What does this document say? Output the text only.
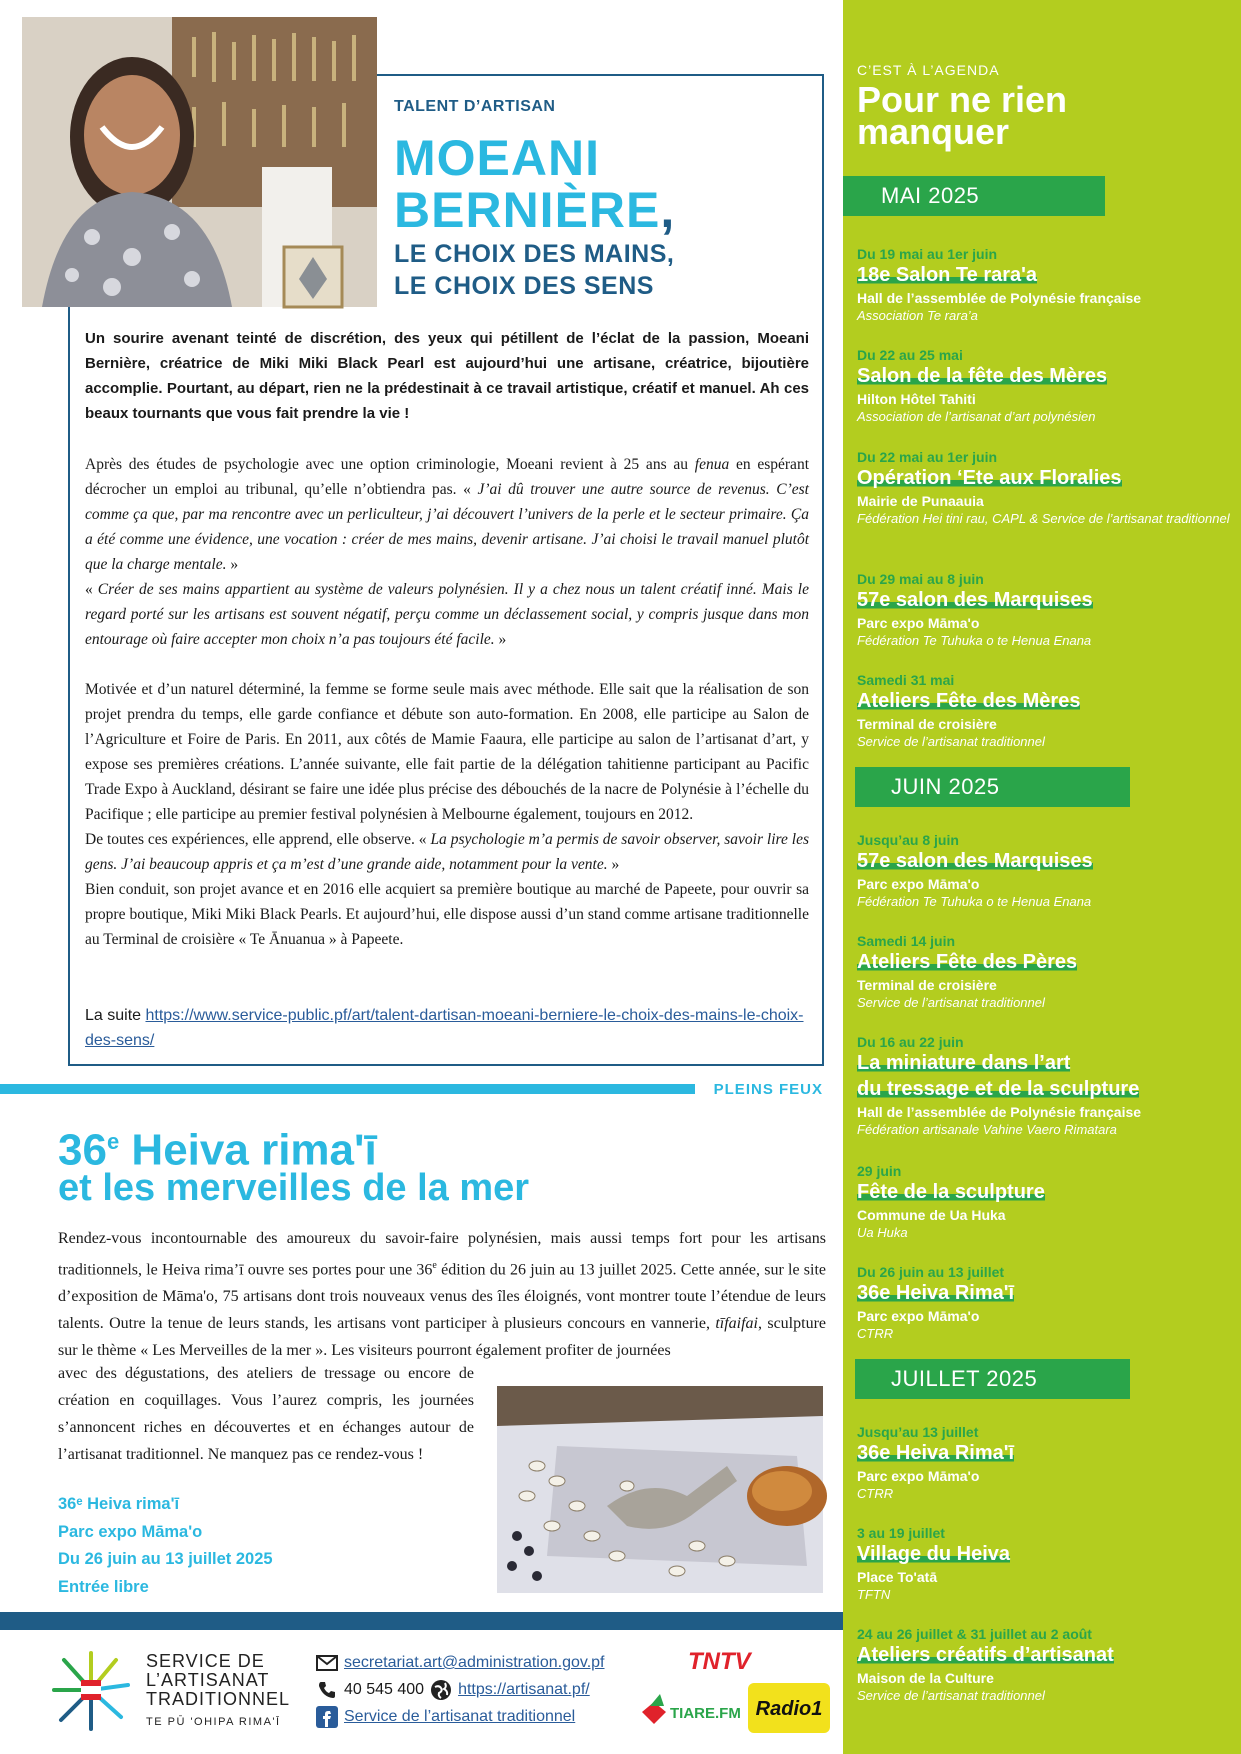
TALENT D’ARTISAN
MOEANI
BERNIÈRE,
LE CHOIX DES MAINS,
LE CHOIX DES SENS
Un sourire avenant teinté de discrétion, des yeux qui pétillent de l’éclat de la passion, Moeani Bernière, créatrice de Miki Miki Black Pearl est aujourd’hui une artisane, créatrice, bijoutière accomplie. Pourtant, au départ, rien ne la prédestinait à ce travail artistique, créatif et manuel. Ah ces beaux tournants que vous fait prendre la vie !

Après des études de psychologie avec une option criminologie, Moeani revient à 25 ans au fenua en espérant décrocher un emploi au tribunal, qu’elle n’obtiendra pas. « J’ai dû trouver une autre source de revenus. C’est comme ça que, par ma rencontre avec un perliculteur, j’ai découvert l’univers de la perle et le secteur primaire. Ça a été comme une évidence, une vocation : créer de mes mains, devenir artisane. J’ai choisi le travail manuel plutôt que la charge mentale. »

« Créer de ses mains appartient au système de valeurs polynésien. Il y a chez nous un talent créatif inné. Mais le regard porté sur les artisans est souvent négatif, perçu comme un déclassement social, y compris jusque dans mon entourage où faire accepter mon choix n’a pas toujours été facile. »

Motivée et d’un naturel déterminé, la femme se forme seule mais avec méthode. Elle sait que la réalisation de son projet prendra du temps, elle garde confiance et débute son auto-formation. En 2008, elle participe au Salon de l’Agriculture et Foire de Paris. En 2011, aux côtés de Mamie Faaura, elle participe au salon de l’artisanat d’art, y expose ses premières créations. L’année suivante, elle fait partie de la délégation tahitienne participant au Pacific Trade Expo à Auckland, désirant se faire une idée plus précise des débouchés de la nacre de Polynésie à l’échelle du Pacifique ; elle participe au premier festival polynésien à Melbourne également, toujours en 2012.

De toutes ces expériences, elle apprend, elle observe. « La psychologie m’a permis de savoir observer, savoir lire les gens. J’ai beaucoup appris et ça m’est d’une grande aide, notamment pour la vente. »

Bien conduit, son projet avance et en 2016 elle acquiert sa première boutique au marché de Papeete, pour ouvrir sa propre boutique, Miki Miki Black Pearls. Et aujourd’hui, elle dispose aussi d’un stand comme artisane traditionnelle au Terminal de croisière « Te Ānuanua » à Papeete.

La suite https://www.service-public.pf/art/talent-dartisan-moeani-berniere-le-choix-des-mains-le-choix-des-sens/
PLEINS FEUX
36e Heiva rima'ī
et les merveilles de la mer
Rendez-vous incontournable des amoureux du savoir-faire polynésien, mais aussi temps fort pour les artisans traditionnels, le Heiva rima’ī ouvre ses portes pour une 36e édition du 26 juin au 13 juillet 2025. Cette année, sur le site d’exposition de Māma'o, 75 artisans dont trois nouveaux venus des îles éloignés, vont montrer toute l’étendue de leurs talents. Outre la tenue de leurs stands, les artisans vont participer à plusieurs concours en vannerie, tīfaifai, sculpture sur le thème « Les Merveilles de la mer ». Les visiteurs pourront également profiter de journées
avec des dégustations, des ateliers de tressage ou encore de création en coquillages. Vous l’aurez compris, les journées s’annoncent riches en découvertes et en échanges autour de l’artisanat traditionnel. Ne manquez pas ce rendez-vous !
36ᵉ Heiva rima'ī
Parc expo Māma'o
Du 26 juin au 13 juillet 2025
Entrée libre
SERVICE DE
L’ARTISANAT
TRADITIONNEL
TE PŪ 'OHIPA RIMA'Ī
secretariat.art@administration.gov.pf
40 545 400 https://artisanat.pf/
Service de l’artisanat traditionnel
TNTV
TIARE.FM Radio1
C’EST À L’AGENDA
Pour ne rien
manquer
MAI 2025
Du 19 mai au 1er juin
18e Salon Te rara'a
Hall de l’assemblée de Polynésie française
Association Te rara’a
Du 22 au 25 mai
Salon de la fête des Mères
Hilton Hôtel Tahiti
Association de l’artisanat d’art polynésien
Du 22 mai au 1er juin
Opération ‘Ete aux Floralies
Mairie de Punaauia
Fédération Hei tini rau, CAPL & Service de l’artisanat traditionnel
Du 29 mai au 8 juin
57e salon des Marquises
Parc expo Māma'o
Fédération Te Tuhuka o te Henua Enana
Samedi 31 mai
Ateliers Fête des Mères
Terminal de croisière
Service de l’artisanat traditionnel
JUIN 2025
Jusqu’au 8 juin
57e salon des Marquises
Parc expo Māma'o
Fédération Te Tuhuka o te Henua Enana
Samedi 14 juin
Ateliers Fête des Pères
Terminal de croisière
Service de l’artisanat traditionnel
Du 16 au 22 juin
La miniature dans l’art
du tressage et de la sculpture
Hall de l’assemblée de Polynésie française
Fédération artisanale Vahine Vaero Rimatara
29 juin
Fête de la sculpture
Commune de Ua Huka
Ua Huka
Du 26 juin au 13 juillet
36e Heiva Rima'ī
Parc expo Māma'o
CTRR
JUILLET 2025
Jusqu’au 13 juillet
36e Heiva Rima'ī
Parc expo Māma'o
CTRR
3 au 19 juillet
Village du Heiva
Place To'atā
TFTN
24 au 26 juillet & 31 juillet au 2 août
Ateliers créatifs d’artisanat
Maison de la Culture
Service de l’artisanat traditionnel
